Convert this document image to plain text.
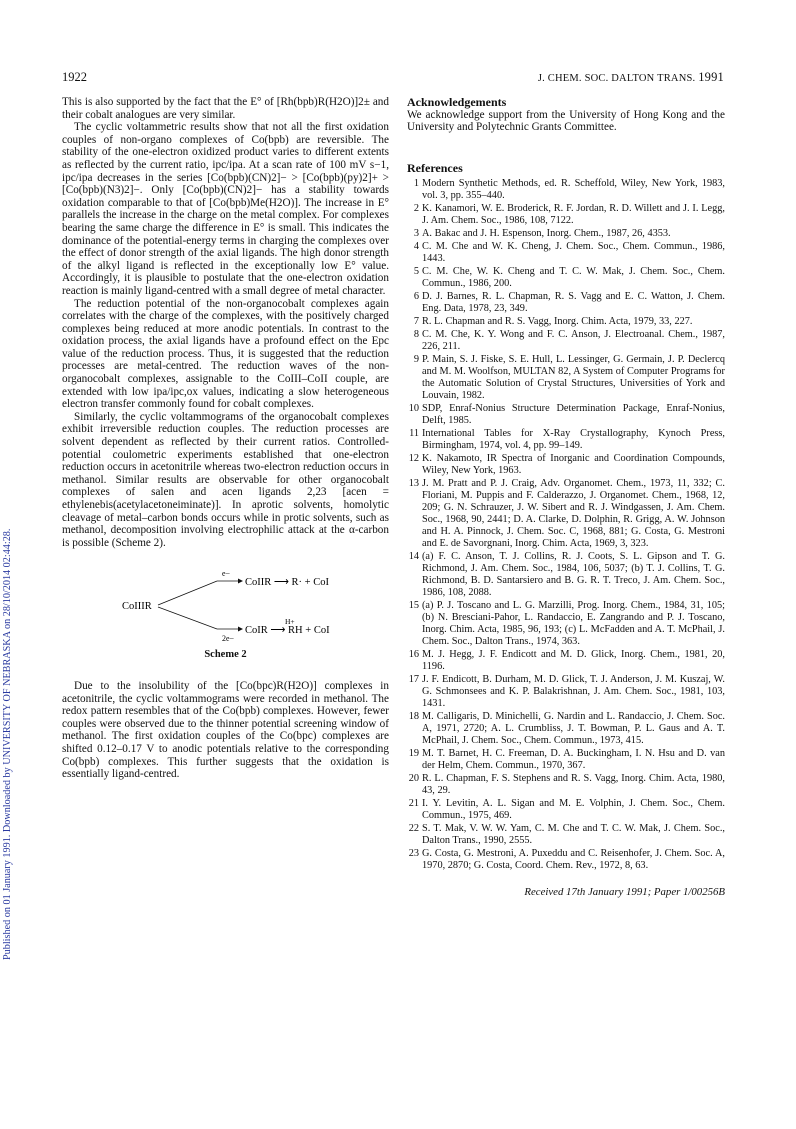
Published on 01 January 1991. Downloaded by UNIVERSITY OF NEBRASKA on 28/10/2014 02:44:28.
1922	J. CHEM. SOC. DALTON TRANS. 1991

This is also supported by the fact that the E° of [Rh(bpb)R(H2O)]2± and their cobalt analogues are very similar.

The cyclic voltammetric results show that not all the first oxidation couples of non-organo complexes of Co(bpb) are reversible. The stability of the one-electron oxidized product varies to different extents as reflected by the current ratio, ipc/ipa. At a scan rate of 100 mV s−1, ipc/ipa decreases in the series [Co(bpb)(CN)2]− > [Co(bpb)(py)2]+ > [Co(bpb)(N3)2]−. Only [Co(bpb)(CN)2]− has a stability towards oxidation comparable to that of [Co(bpb)Me(H2O)]. The increase in E° parallels the increase in the charge on the metal complex. For complexes bearing the same charge the difference in E° is small. This indicates the dominance of the potential-energy terms in charging the complexes over the effect of donor strength of the axial ligands. The high donor strength of the alkyl ligand is reflected in the exceptionally low E° value. Accordingly, it is plausible to postulate that the one-electron oxidation reaction is mainly ligand-centred with a small degree of metal character.

The reduction potential of the non-organocobalt complexes again correlates with the charge of the complexes, with the positively charged complexes being reduced at more anodic potentials. In contrast to the oxidation process, the axial ligands have a profound effect on the Epc value of the reduction process. Thus, it is suggested that the reduction processes are metal-centred. The reduction waves of the non-organocobalt complexes, assignable to the CoIII–CoII couple, are extended with low ipa/ipc,ox values, indicating a slow heterogeneous electron transfer commonly found for cobalt complexes.

Similarly, the cyclic voltammograms of the organocobalt complexes exhibit irreversible reduction couples. The reduction processes are solvent dependent as reflected by their current ratios. Controlled-potential coulometric experiments established that one-electron reduction occurs in acetonitrile whereas two-electron reduction occurs in methanol. Similar results are observable for other organocobalt complexes of salen and acen ligands 2,23 [acen = ethylenebis(acetylacetoneiminate)]. In aprotic solvents, homolytic cleavage of metal–carbon bonds occurs while in protic solvents, such as methanol, decomposition involving electrophilic attack at the α-carbon is possible (Scheme 2).

CoIIIR
e−
2e−
CoIIR ⟶ R· + CoI
H+
CoIR ⟶ RH + CoI
Scheme 2

Due to the insolubility of the [Co(bpc)R(H2O)] complexes in acetonitrile, the cyclic voltammograms were recorded in methanol. The redox pattern resembles that of the Co(bpb) complexes. However, fewer couples were observed due to the thinner potential screening window of methanol. The first oxidation couples of the Co(bpc) complexes are shifted 0.12–0.17 V to anodic potentials relative to the corresponding Co(bpb) complexes. This further suggests that the oxidation is essentially ligand-centred.

Acknowledgements

We acknowledge support from the University of Hong Kong and the University and Polytechnic Grants Committee.

References
1 Modern Synthetic Methods, ed. R. Scheffold, Wiley, New York, 1983, vol. 3, pp. 355–440.
2 K. Kanamori, W. E. Broderick, R. F. Jordan, R. D. Willett and J. I. Legg, J. Am. Chem. Soc., 1986, 108, 7122.
3 A. Bakac and J. H. Espenson, Inorg. Chem., 1987, 26, 4353.
4 C. M. Che and W. K. Cheng, J. Chem. Soc., Chem. Commun., 1986, 1443.
5 C. M. Che, W. K. Cheng and T. C. W. Mak, J. Chem. Soc., Chem. Commun., 1986, 200.
6 D. J. Barnes, R. L. Chapman, R. S. Vagg and E. C. Watton, J. Chem. Eng. Data, 1978, 23, 349.
7 R. L. Chapman and R. S. Vagg, Inorg. Chim. Acta, 1979, 33, 227.
8 C. M. Che, K. Y. Wong and F. C. Anson, J. Electroanal. Chem., 1987, 226, 211.
9 P. Main, S. J. Fiske, S. E. Hull, L. Lessinger, G. Germain, J. P. Declercq and M. M. Woolfson, MULTAN 82, A System of Computer Programs for the Automatic Solution of Crystal Structures, Universities of York and Louvain, 1982.
10 SDP, Enraf-Nonius Structure Determination Package, Enraf-Nonius, Delft, 1985.
11 International Tables for X-Ray Crystallography, Kynoch Press, Birmingham, 1974, vol. 4, pp. 99–149.
12 K. Nakamoto, IR Spectra of Inorganic and Coordination Compounds, Wiley, New York, 1963.
13 J. M. Pratt and P. J. Craig, Adv. Organomet. Chem., 1973, 11, 332; C. Floriani, M. Puppis and F. Calderazzo, J. Organomet. Chem., 1968, 12, 209; G. N. Schrauzer, J. W. Sibert and R. J. Windgassen, J. Am. Chem. Soc., 1968, 90, 2441; D. A. Clarke, D. Dolphin, R. Grigg, A. W. Johnson and H. A. Pinnock, J. Chem. Soc. C, 1968, 881; G. Costa, G. Mestroni and E. de Savorgnani, Inorg. Chim. Acta, 1969, 3, 323.
14 (a) F. C. Anson, T. J. Collins, R. J. Coots, S. L. Gipson and T. G. Richmond, J. Am. Chem. Soc., 1984, 106, 5037; (b) T. J. Collins, T. G. Richmond, B. D. Santarsiero and B. G. R. T. Treco, J. Am. Chem. Soc., 1986, 108, 2088.
15 (a) P. J. Toscano and L. G. Marzilli, Prog. Inorg. Chem., 1984, 31, 105; (b) N. Bresciani-Pahor, L. Randaccio, E. Zangrando and P. J. Toscano, Inorg. Chim. Acta, 1985, 96, 193; (c) L. McFadden and A. T. McPhail, J. Chem. Soc., Dalton Trans., 1974, 363.
16 M. J. Hegg, J. F. Endicott and M. D. Glick, Inorg. Chem., 1981, 20, 1196.
17 J. F. Endicott, B. Durham, M. D. Glick, T. J. Anderson, J. M. Kuszaj, W. G. Schmonsees and K. P. Balakrishnan, J. Am. Chem. Soc., 1981, 103, 1431.
18 M. Calligaris, D. Minichelli, G. Nardin and L. Randaccio, J. Chem. Soc. A, 1971, 2720; A. L. Crumbliss, J. T. Bowman, P. L. Gaus and A. T. McPhail, J. Chem. Soc., Chem. Commun., 1973, 415.
19 M. T. Barnet, H. C. Freeman, D. A. Buckingham, I. N. Hsu and D. van der Helm, Chem. Commun., 1970, 367.
20 R. L. Chapman, F. S. Stephens and R. S. Vagg, Inorg. Chim. Acta, 1980, 43, 29.
21 I. Y. Levitin, A. L. Sigan and M. E. Volphin, J. Chem. Soc., Chem. Commun., 1975, 469.
22 S. T. Mak, V. W. W. Yam, C. M. Che and T. C. W. Mak, J. Chem. Soc., Dalton Trans., 1990, 2555.
23 G. Costa, G. Mestroni, A. Puxeddu and C. Reisenhofer, J. Chem. Soc. A, 1970, 2870; G. Costa, Coord. Chem. Rev., 1972, 8, 63.
Received 17th January 1991; Paper 1/00256B
